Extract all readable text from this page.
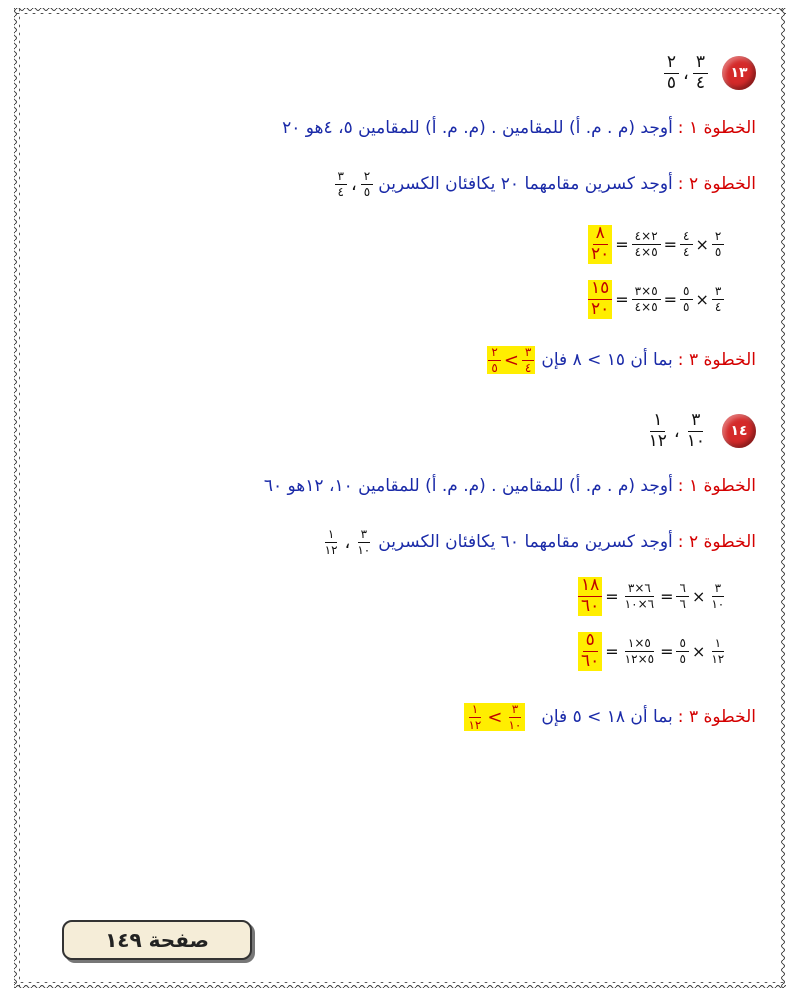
١٣
$\frac{٣}{٤}$
،
$\frac{٢}{٥}$
الخطوة ١ :
أوجد (م . م. أ) للمقامين . (م. م. أ) للمقامين ٥، ٤هو ٢٠
الخطوة ٢ :
أوجد كسرين مقامهما ٢٠ يكافئان الكسرين
$\frac{٢}{٥}$
،
$\frac{٣}{٤}$
$\frac{٨}{٢٠} = \frac{٢\times ٤}{٥\times ٤} = \frac{٤}{٤} \times \frac{٢}{٥}$
$\frac{١٥}{٢٠} = \frac{٥\times ٣}{٥\times ٤} = \frac{٥}{٥} \times \frac{٣}{٤}$
الخطوة ٣ :
بما أن ١٥ > ٨ فإن
$\frac{٢}{٥} < \frac{٣}{٤}$
١٤
$\frac{٣}{١٠}$
،
$\frac{١}{١٢}$
الخطوة ١ :
أوجد (م . م. أ) للمقامين . (م. م. أ) للمقامين ١٠، ١٢هو ٦٠
الخطوة ٢ :
أوجد كسرين مقامهما ٦٠ يكافئان الكسرين
$\frac{٣}{١٠}$
،
$\frac{١}{١٢}$
$\frac{١٨}{٦٠} = \frac{٦\times ٣}{٦\times ١٠} = \frac{٦}{٦} \times \frac{٣}{١٠}$
$\frac{٥}{٦٠} = \frac{٥\times ١}{٥\times ١٢} = \frac{٥}{٥} \times \frac{١}{١٢}$
الخطوة ٣ :
بما أن ١٨ > ٥ فإن
$\frac{١}{١٢} < \frac{٣}{١٠}$
صفحة ١٤٩
